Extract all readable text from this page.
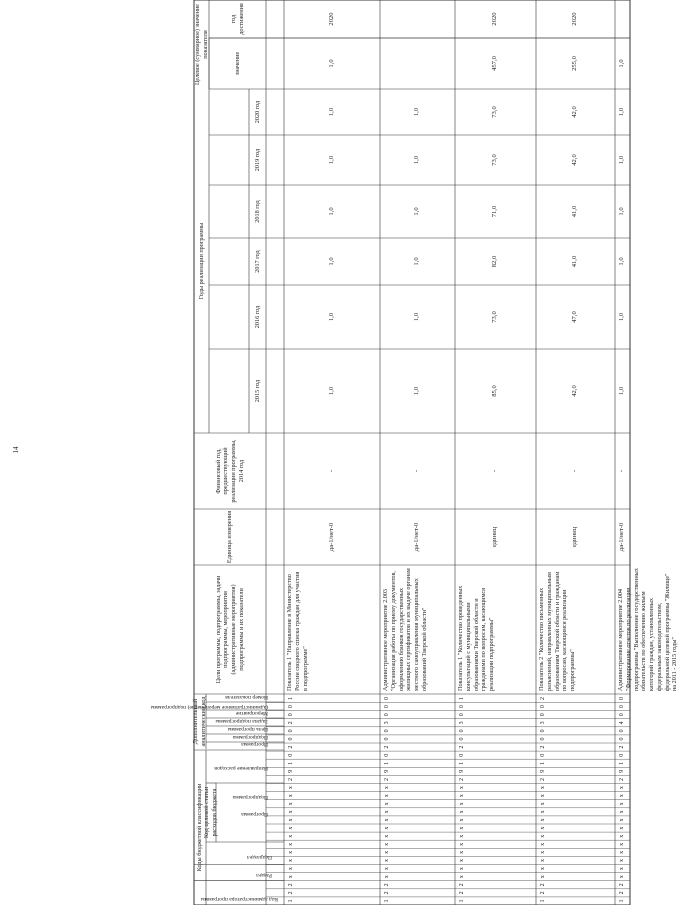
14
Коды бюджетной классификации
Дополнительный аналитический код
Код целевой статьи расходов бюджета
Цели программы, подпрограммы, задачи подпрограммы, мероприятия (административные мероприятия) подпрограммы и их показатели
Единица измерения
Финансовый год, предшествующий реализации программы, 2014 год
Годы реализации программы
Целевое (суммарное) значение показателя
2015 год
2016 год
2017 год
2018 год
2019 год
2020 год
значение
год достижения
Код администратора программы
Раздел
Подраздел
Программа
Подпрограмма
Направление расходов
Программа
Подпрограмма
Цель программы
Задача подпрограммы
Мероприятие
(административное мероприятие) подпрограммы
Номер показателя
1
2
2
x
x
x
x
x
x
x
x
x
x
x
x
2
9
1
0
2
0
0
2
0
0
1
Показатель 1 "Направление в Министерство России сводного списка граждан для участия в подпрограмме"
да-1/нет-0
-
1,0
1,0
1,0
1,0
1,0
1,0
1,0
2020
1
2
2
x
x
x
x
x
x
x
x
x
x
x
x
2
9
1
0
2
0
0
3
0
0
0
Административное мероприятие 2.003 "Организация работы по приему документов, оформлению бланков государственных жилищных сертификатов и их выдаче органам местного самоуправления муниципальных образований Тверской области"
да-1/нет-0
-
1,0
1,0
1,0
1,0
1,0
1,0
1
2
2
x
x
x
x
x
x
x
x
x
x
x
x
2
9
1
0
2
0
0
3
0
0
1
Показатель 1 "Количество проведенных консультаций с муниципальными образованиями Тверской области и гражданами по вопросам, касающимся реализации подпрограммы"
единиц
-
85,0
73,0
82,0
71,0
73,0
73,0
457,0
2020
1
2
2
x
x
x
x
x
x
x
x
x
x
x
x
2
9
1
0
2
0
0
3
0
0
2
Показатель 2 "Количество письменных разъяснений, направленных муниципальным образованиям Тверской области и гражданам по вопросам, касающимся реализации подпрограммы"
единиц
-
42,0
47,0
41,0
41,0
42,0
42,0
255,0
2020
1
2
2
x
x
x
x
x
x
x
x
x
x
x
x
2
9
1
0
2
0
0
4
0
0
0
Административное мероприятие 2.004 "Формирование отчетов по реализации подпрограммы "Выполнение государственных обязательств по обеспечению жильем категорий граждан, установленных федеральным законодательством, федеральной целевой программы "Жилище" на 2011 - 2015 годы"
да-1/нет-0
-
1,0
1,0
1,0
1,0
1,0
1,0
1,0
